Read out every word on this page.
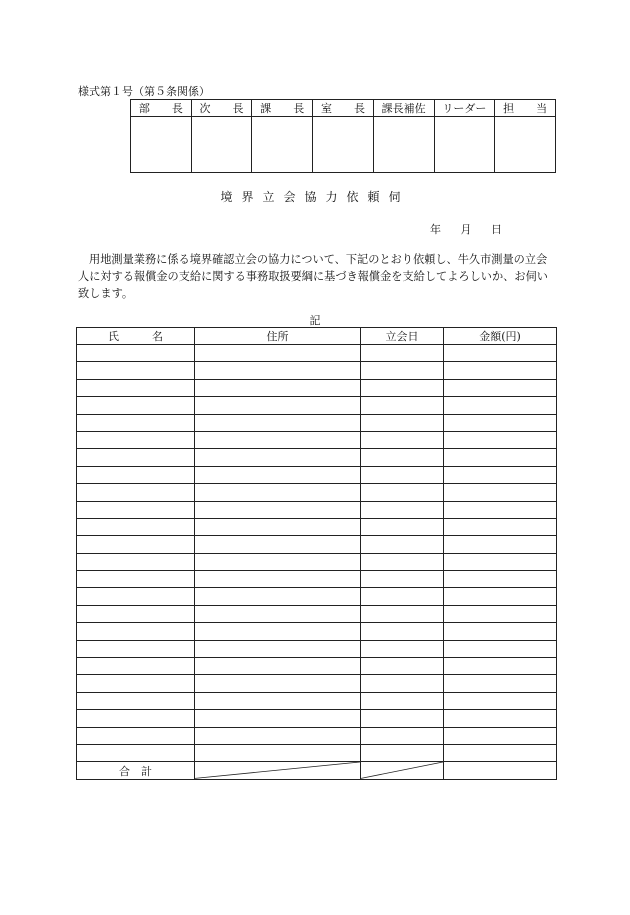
様式第１号（第５条関係）
部　　長	次　　長	課　　長	室　　長	課長補佐	リーダー	担　　当

境界立会協力依頼伺
年 月 日
用地測量業務に係る境界確認立会の協力について、下記のとおり依頼し、牛久市測量の立会人に対する報償金の支給に関する事務取扱要綱に基づき報償金を支給してよろしいか、お伺い致します。
記
氏　　　名	住所	立会日	金額(円)

合　計	
